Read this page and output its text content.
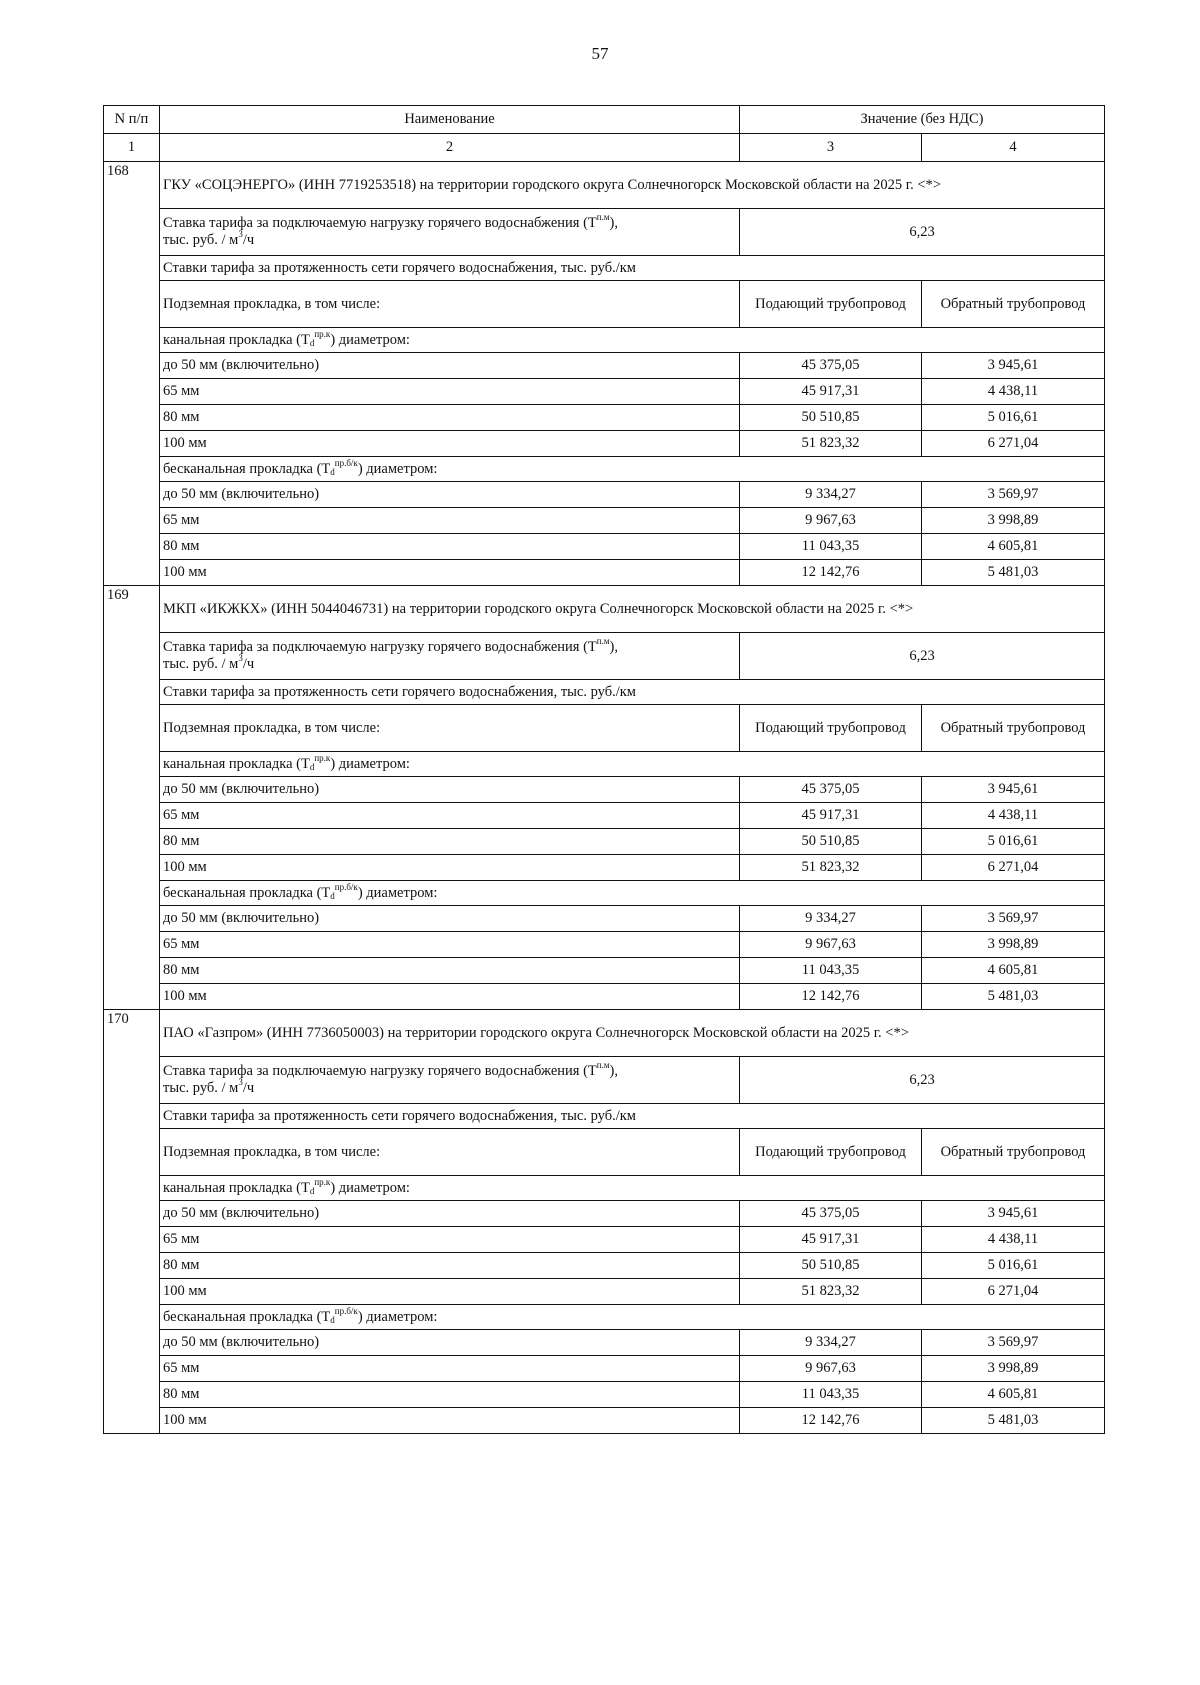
57
N п/п	Наименование	Значение (без НДС)	
1	2	3	4
168	ГКУ «СОЦЭНЕРГО» (ИНН 7719253518) на территории городского округа Солнечногорск Московской области на 2025 г. <*>		
	Ставка тарифа за подключаемую нагрузку горячего водоснабжения $(Т^{п.м})$,
тыс. руб. / $м^3/ч$	6,23	
	Ставки тарифа за протяженность сети горячего водоснабжения, тыс. руб./км		
	Подземная прокладка, в том числе:	Подающий трубопровод	Обратный трубопровод
	канальная прокладка $(Т_d^{пр.к})$ диаметром:		
	до 50 мм (включительно)	45 375,05	3 945,61
	65 мм	45 917,31	4 438,11
	80 мм	50 510,85	5 016,61
	100 мм	51 823,32	6 271,04
	бесканальная прокладка $(Т_d^{пр.б/к})$ диаметром:		
	до 50 мм (включительно)	9 334,27	3 569,97
	65 мм	9 967,63	3 998,89
	80 мм	11 043,35	4 605,81
	100 мм	12 142,76	5 481,03
169	МКП «ИКЖКХ» (ИНН 5044046731) на территории городского округа Солнечногорск Московской области на 2025 г. <*>		
	Ставка тарифа за подключаемую нагрузку горячего водоснабжения $(Т^{п.м})$,
тыс. руб. / $м^3/ч$	6,23	
	Ставки тарифа за протяженность сети горячего водоснабжения, тыс. руб./км		
	Подземная прокладка, в том числе:	Подающий трубопровод	Обратный трубопровод
	канальная прокладка $(Т_d^{пр.к})$ диаметром:		
	до 50 мм (включительно)	45 375,05	3 945,61
	65 мм	45 917,31	4 438,11
	80 мм	50 510,85	5 016,61
	100 мм	51 823,32	6 271,04
	бесканальная прокладка $(Т_d^{пр.б/к})$ диаметром:		
	до 50 мм (включительно)	9 334,27	3 569,97
	65 мм	9 967,63	3 998,89
	80 мм	11 043,35	4 605,81
	100 мм	12 142,76	5 481,03
170	ПАО «Газпром» (ИНН 7736050003) на территории городского округа Солнечногорск Московской области на 2025 г. <*>		
	Ставка тарифа за подключаемую нагрузку горячего водоснабжения $(Т^{п.м})$,
тыс. руб. / $м^3/ч$	6,23	
	Ставки тарифа за протяженность сети горячего водоснабжения, тыс. руб./км		
	Подземная прокладка, в том числе:	Подающий трубопровод	Обратный трубопровод
	канальная прокладка $(Т_d^{пр.к})$ диаметром:		
	до 50 мм (включительно)	45 375,05	3 945,61
	65 мм	45 917,31	4 438,11
	80 мм	50 510,85	5 016,61
	100 мм	51 823,32	6 271,04
	бесканальная прокладка $(Т_d^{пр.б/к})$ диаметром:		
	до 50 мм (включительно)	9 334,27	3 569,97
	65 мм	9 967,63	3 998,89
	80 мм	11 043,35	4 605,81
	100 мм	12 142,76	5 481,03
